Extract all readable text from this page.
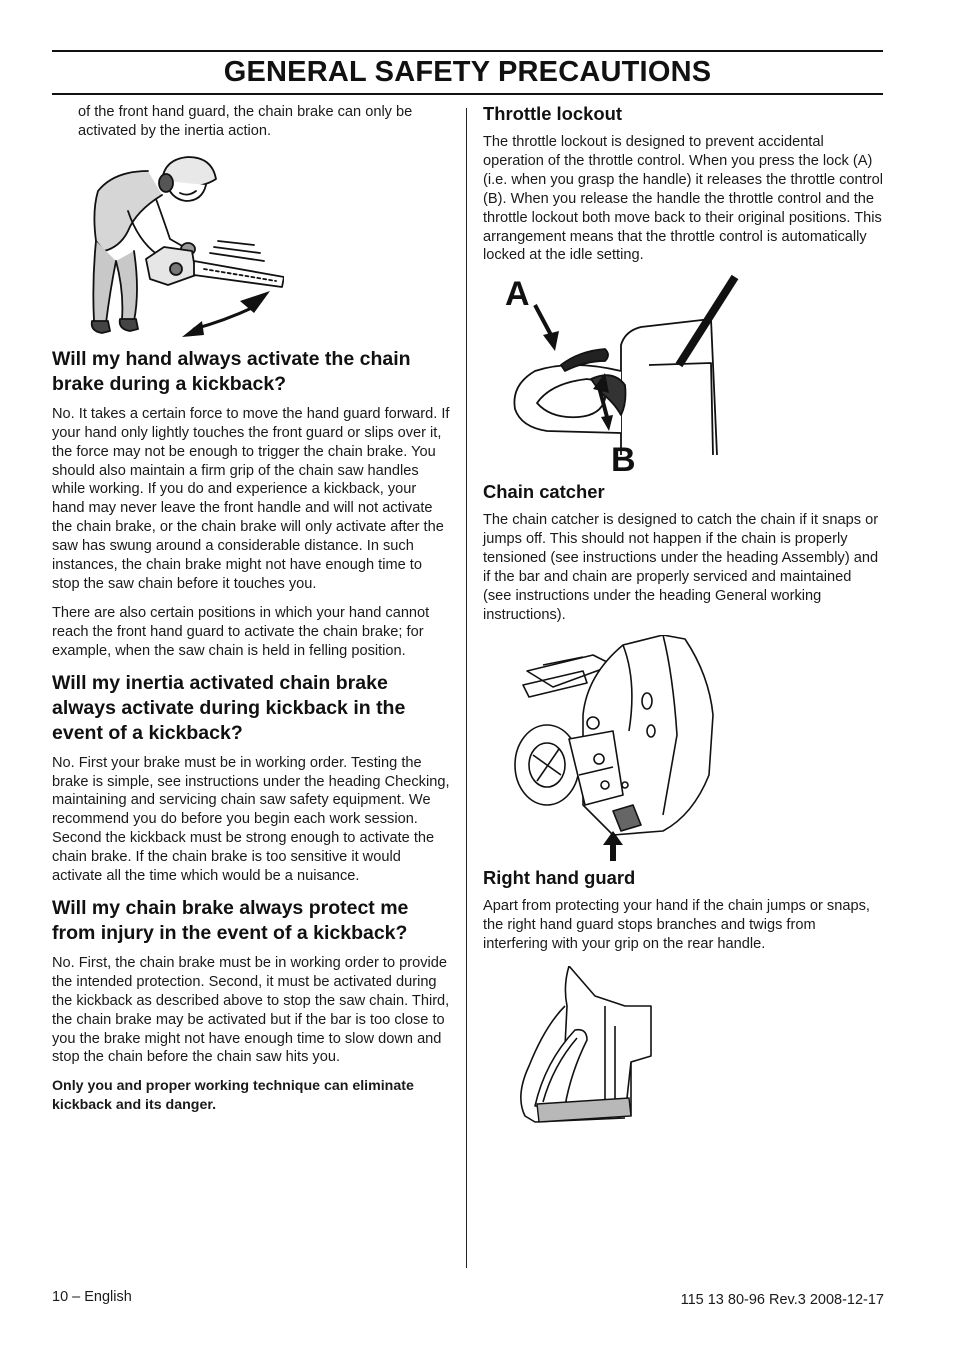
GENERAL SAFETY PRECAUTIONS

of the front hand guard, the chain brake can only be activated by the inertia action.

Will my hand always activate the chain brake during a kickback?

No. It takes a certain force to move the hand guard forward. If your hand only lightly touches the front guard or slips over it, the force may not be enough to trigger the chain brake. You should also maintain a firm grip of the chain saw handles while working. If you do and experience a kickback, your hand may never leave the front handle and will not activate the chain brake, or the chain brake will only activate after the saw has swung around a considerable distance. In such instances, the chain brake might not have enough time to stop the saw chain before it touches you.

There are also certain positions in which your hand cannot reach the front hand guard to activate the chain brake; for example, when the saw chain is held in felling position.

Will my inertia activated chain brake always activate during kickback in the event of a kickback?

No. First your brake must be in working order. Testing the brake is simple, see instructions under the heading Checking, maintaining and servicing chain saw safety equipment. We recommend you do before you begin each work session. Second the kickback must be strong enough to activate the chain brake. If the chain brake is too sensitive it would activate all the time which would be a nuisance.

Will my chain brake always protect me from injury in the event of a kickback?

No. First, the chain brake must be in working order to provide the intended protection. Second, it must be activated during the kickback as described above to stop the saw chain. Third, the chain brake may be activated but if the bar is too close to you the brake might not have enough time to slow down and stop the chain before the chain saw hits you.

Only you and proper working technique can eliminate kickback and its danger.

Throttle lockout

The throttle lockout is designed to prevent accidental operation of the throttle control. When you press the lock (A) (i.e. when you grasp the handle) it releases the throttle control (B). When you release the handle the throttle control and the throttle lockout both move back to their original positions. This arrangement means that the throttle control is automatically locked at the idle setting.

A
B
Chain catcher

The chain catcher is designed to catch the chain if it snaps or jumps off. This should not happen if the chain is properly tensioned (see instructions under the heading Assembly) and if the bar and chain are properly serviced and maintained (see instructions under the heading General working instructions).

Right hand guard

Apart from protecting your hand if the chain jumps or snaps, the right hand guard stops branches and twigs from interfering with your grip on the rear handle.

10 – English	115 13 80-96 Rev.3 2008-12-17
